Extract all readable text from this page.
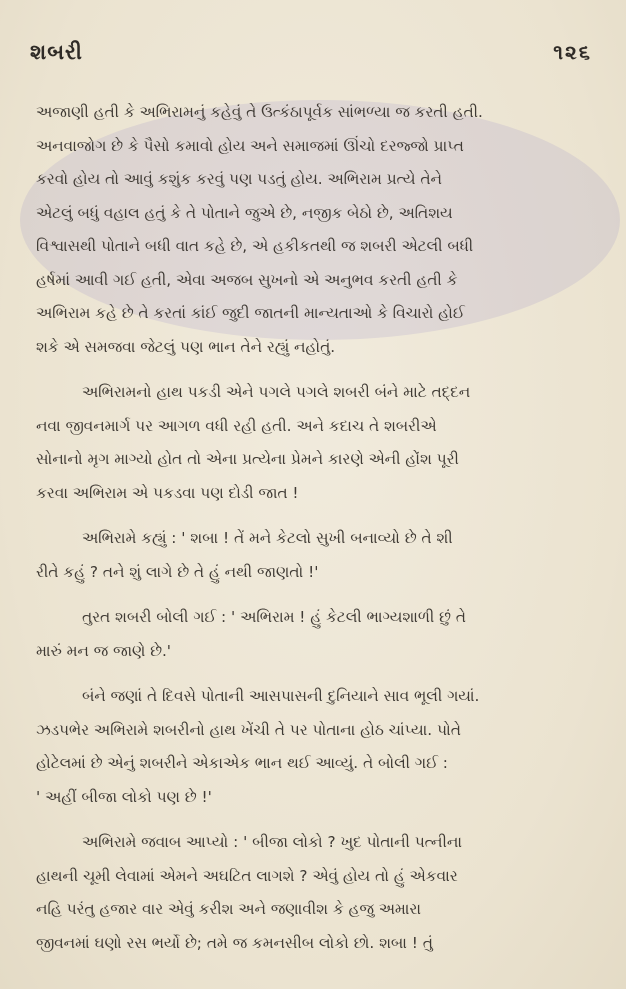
શબરી	૧૨૬

અજાણી હતી કે અભિરામનું કહેવું તે ઉત્કંઠાપૂર્વક સાંભળ્યા જ કરતી હતી.
અનવાજોગ છે કે પૈસો કમાવો હોય અને સમાજમાં ઊંચો દરજ્જો પ્રાપ્ત
કરવો હોય તો આવું કશુંક કરવું પણ પડતું હોય. અભિરામ પ્રત્યે તેને
એટલું બધું વહાલ હતું કે તે પોતાને જુએ છે, નજીક બેઠો છે, અતિશય
વિશ્વાસથી પોતાને બધી વાત કહે છે, એ હકીકતથી જ શબરી એટલી બધી
હર્ષમાં આવી ગઈ હતી, એવા અજબ સુખનો એ અનુભવ કરતી હતી કે
અભિરામ કહે છે તે કરતાં કાંઈ જુદી જાતની માન્યતાઓ કે વિચારો હોઈ
શકે એ સમજવા જેટલું પણ ભાન તેને રહ્યું નહોતું.

અભિરામનો હાથ પકડી એને પગલે પગલે શબરી બંને માટે તદ્દન
નવા જીવનમાર્ગ પર આગળ વધી રહી હતી. અને કદાચ તે શબરીએ
સોનાનો મૃગ માગ્યો હોત તો એના પ્રત્યેના પ્રેમને કારણે એની હોંશ પૂરી
કરવા અભિરામ એ પકડવા પણ દોડી જાત !

અભિરામે કહ્યું : ' શબા ! તેં મને કેટલો સુખી બનાવ્યો છે તે શી
રીતે કહું ? તને શું લાગે છે તે હું નથી જાણતો !'

તુરત શબરી બોલી ગઈ : ' અભિરામ ! હું કેટલી ભાગ્યશાળી છું તે
મારું મન જ જાણે છે.'

બંને જણાં તે દિવસે પોતાની આસપાસની દુનિયાને સાવ ભૂલી ગયાં.
ઝડપભેર અભિરામે શબરીનો હાથ ખેંચી તે પર પોતાના હોઠ ચાંપ્યા. પોતે
હોટેલમાં છે એનું શબરીને એકાએક ભાન થઈ આવ્યું. તે બોલી ગઈ :
' અહીં બીજા લોકો પણ છે !'

અભિરામે જવાબ આપ્યો : ' બીજા લોકો ? ખુદ પોતાની પત્નીના
હાથની ચૂમી લેવામાં એમને અઘટિત લાગશે ? એવું હોય તો હું એકવાર
નહિ પરંતુ હજાર વાર એવું કરીશ અને જણાવીશ કે હજુ અમારા
જીવનમાં ઘણો રસ ભર્યો છે; તમે જ કમનસીબ લોકો છો. શબા ! તું
